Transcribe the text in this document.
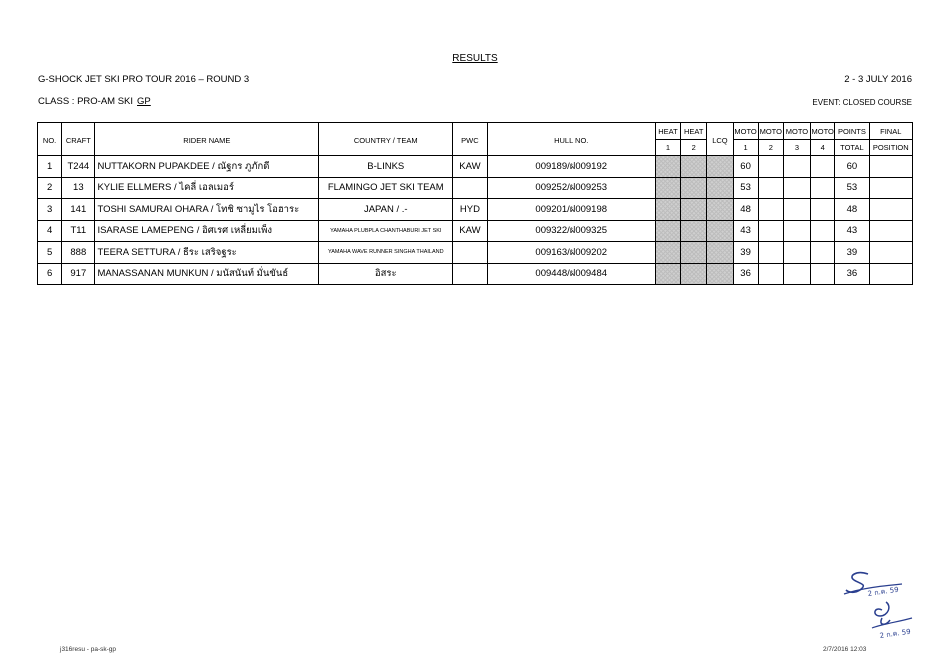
RESULTS
G-SHOCK JET SKI PRO TOUR 2016 – ROUND 3	2 - 3 JULY 2016
CLASS : PRO-AM SKI GP	EVENT: CLOSED COURSE
NO.	CRAFT	RIDER NAME	COUNTRY / TEAM	PWC	HULL NO.	HEAT	HEAT	LCQ	MOTO	MOTO	MOTO	MOTO	POINTS	FINAL
						1	2		1	2	3	4	TOTAL	POSITION
1	T244	NUTTAKORN PUPAKDEE / ณัฐกร ภูภักดี	B-LINKS	KAW	009189/ฝ009192				60				60	
2	13	KYLIE ELLMERS / ไคลี่ เอลเมอร์	FLAMINGO JET SKI TEAM		009252/ฝ009253				53				53	
3	141	TOSHI SAMURAI OHARA / โทชิ ซามูไร โอฮาระ	JAPAN / .-	HYD	009201/ฝ009198				48				48	
4	T11	ISARASE LAMEPENG / อิศเรศ เหลี่ยมเพ็ง	YAMAHA PLUBPLA CHANTHABURI JET SKI	KAW	009322/ฝ009325				43				43	
5	888	TEERA SETTURA / ธีระ เสริจฐระ	YAMAHA WAVE RUNNER SINGHA THAILAND		009163/ฝ009202				39				39	
6	917	MANASSANAN MUNKUN / มนัสนันท์ มั่นขันธ์	อิสระ		009448/ฝ009484				36				36	
2 ก.ค. 59
2 ก.ค. 59
j316resu - pa-sk-gp	2/7/2016 12:03
